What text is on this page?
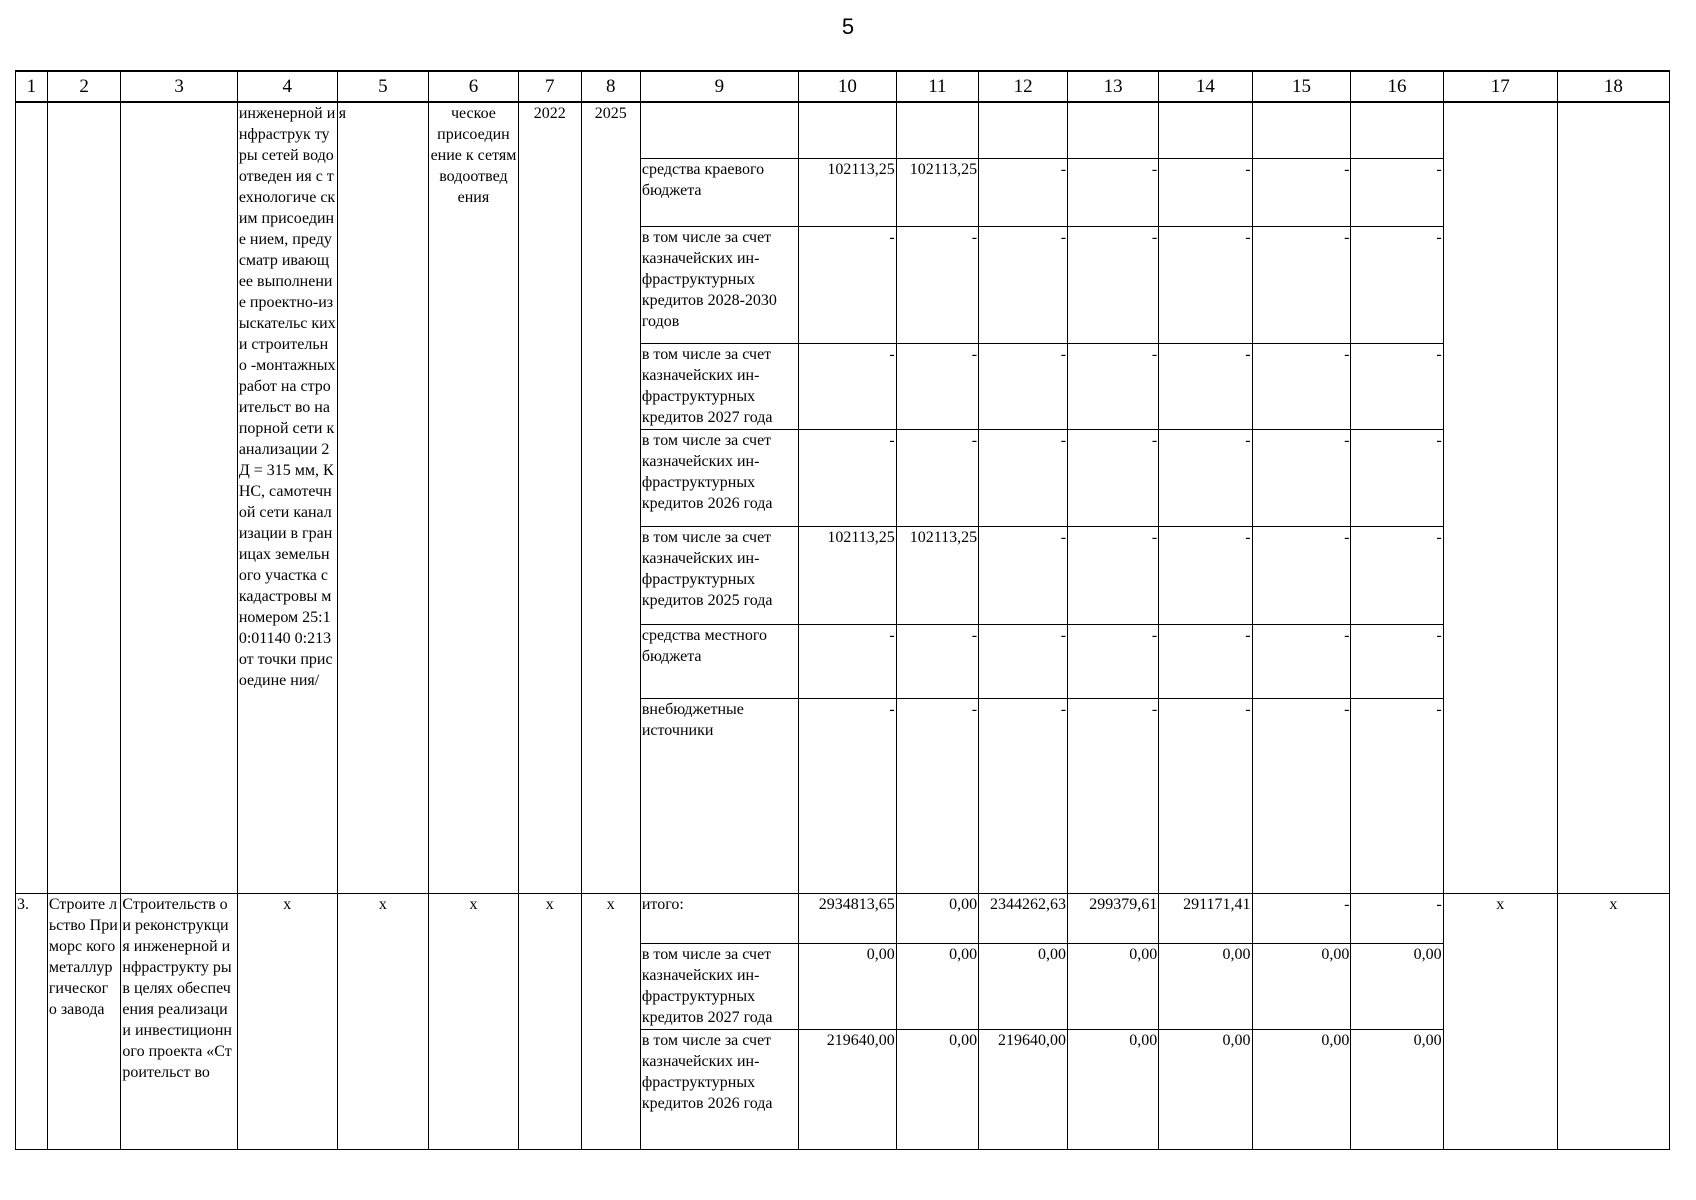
5
1	2	3	4	5	6	7	8	9	10	11	12	13	14	15	16	17	18
			инженерной инфраструк туры сетей водоотведен ия с технологиче ским присоедине нием, предусматр ивающее выполнение проектно-изыскательс ких и строительно -монтажных работ на строительст во напорной сети канализации 2Д = 315 мм, КНС, самотечной сети канализации в границах земельного участка с кадастровы м номером 25:10:01140 0:213 от точки присоедине ния/	я	ческое присоедин ение к сетям водоотвед ения	2022	2025										
								средства краевого бюджета	102113,25	102113,25	-	-	-	-	-		
								в том числе за счет казначейских ин-фраструктурных кредитов 2028-2030 годов	-	-	-	-	-	-	-		
								в том числе за счет казначейских ин-фраструктурных кредитов 2027 года	-	-	-	-	-	-	-		
								в том числе за счет казначейских ин-фраструктурных кредитов 2026 года	-	-	-	-	-	-	-		
								в том числе за счет казначейских ин-фраструктурных кредитов 2025 года	102113,25	102113,25	-	-	-	-	-		
								средства местного бюджета	-	-	-	-	-	-	-		
								внебюджетные источники	-	-	-	-	-	-	-		
3.	Строите льство Приморс кого металлур гическог о завода	Строительств о и реконструкци я инженерной инфраструкту ры в целях обеспечения реализации инвестиционн ого проекта «Строительст во	х	х	х	х	х	итого:	2934813,65	0,00	2344262,63	299379,61	291171,41	-	-	х	х
								в том числе за счет казначейских ин-фраструктурных кредитов 2027 года	0,00	0,00	0,00	0,00	0,00	0,00	0,00		
								в том числе за счет казначейских ин-фраструктурных кредитов 2026 года	219640,00	0,00	219640,00	0,00	0,00	0,00	0,00		
